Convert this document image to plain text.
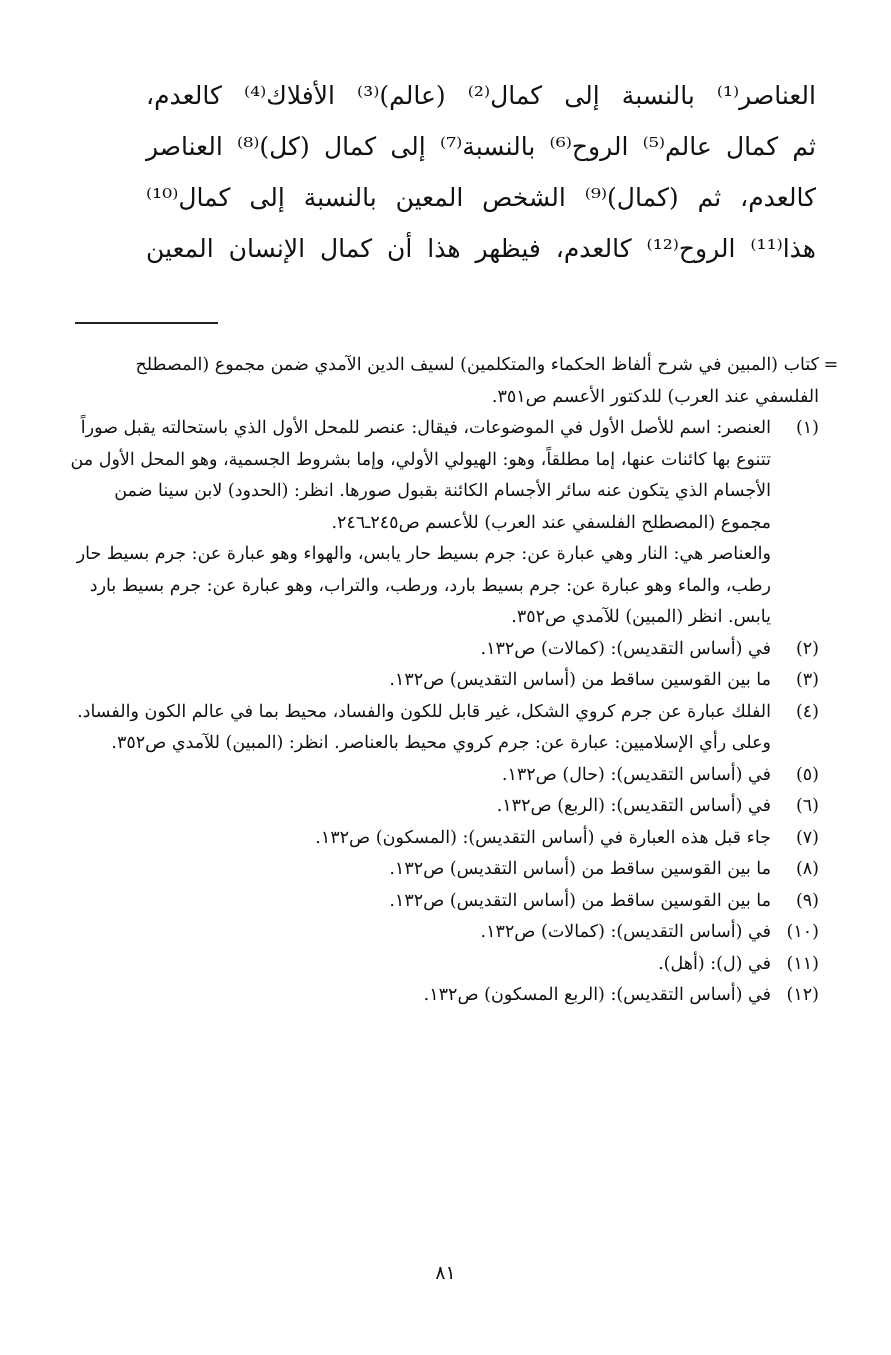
العناصر⁽¹⁾ بالنسبة إلى كمال⁽²⁾ (عالم)⁽³⁾ الأفلاك⁽⁴⁾ كالعدم،
ثم كمال عالم⁽⁵⁾ الروح⁽⁶⁾ بالنسبة⁽⁷⁾ إلى كمال (كل)⁽⁸⁾ العناصر
كالعدم، ثم (كمال)⁽⁹⁾ الشخص المعين بالنسبة إلى كمال⁽¹⁰⁾
هذا⁽¹¹⁾ الروح⁽¹²⁾ كالعدم، فيظهر هذا أن كمال الإنسان المعين
=
كتاب (المبين في شرح ألفاظ الحكماء والمتكلمين) لسيف الدين الآمدي ضمن مجموع (المصطلح الفلسفي عند العرب) للدكتور الأعسم ص٣٥١.
(١)
العنصر: اسم للأصل الأول في الموضوعات، فيقال: عنصر للمحل الأول الذي باستحالته يقبل صوراً تتنوع بها كائنات عنها، إما مطلقاً، وهو: الهيولي الأولي، وإما بشروط الجسمية، وهو المحل الأول من الأجسام الذي يتكون عنه سائر الأجسام الكائنة بقبول صورها. انظر: (الحدود) لابن سينا ضمن مجموع (المصطلح الفلسفي عند العرب) للأعسم ص٢٤٥ـ٢٤٦.
والعناصر هي: النار وهي عبارة عن: جرم بسيط حار يابس، والهواء وهو عبارة عن: جرم بسيط حار رطب، والماء وهو عبارة عن: جرم بسيط بارد، ورطب، والتراب، وهو عبارة عن: جرم بسيط بارد يابس. انظر (المبين) للآمدي ص٣٥٢.
(٢)
في (أساس التقديس): (كمالات) ص١٣٢.
(٣)
ما بين القوسين ساقط من (أساس التقديس) ص١٣٢.
(٤)
الفلك عبارة عن جرم كروي الشكل، غير قابل للكون والفساد، محيط بما في عالم الكون والفساد. وعلى رأي الإسلاميين: عبارة عن: جرم كروي محيط بالعناصر. انظر: (المبين) للآمدي ص٣٥٢.
(٥)
في (أساس التقديس): (حال) ص١٣٢.
(٦)
في (أساس التقديس): (الربع) ص١٣٢.
(٧)
جاء قبل هذه العبارة في (أساس التقديس): (المسكون) ص١٣٢.
(٨)
ما بين القوسين ساقط من (أساس التقديس) ص١٣٢.
(٩)
ما بين القوسين ساقط من (أساس التقديس) ص١٣٢.
(١٠)
في (أساس التقديس): (كمالات) ص١٣٢.
(١١)
في (ل): (أهل).
(١٢)
في (أساس التقديس): (الربع المسكون) ص١٣٢.
٨١
